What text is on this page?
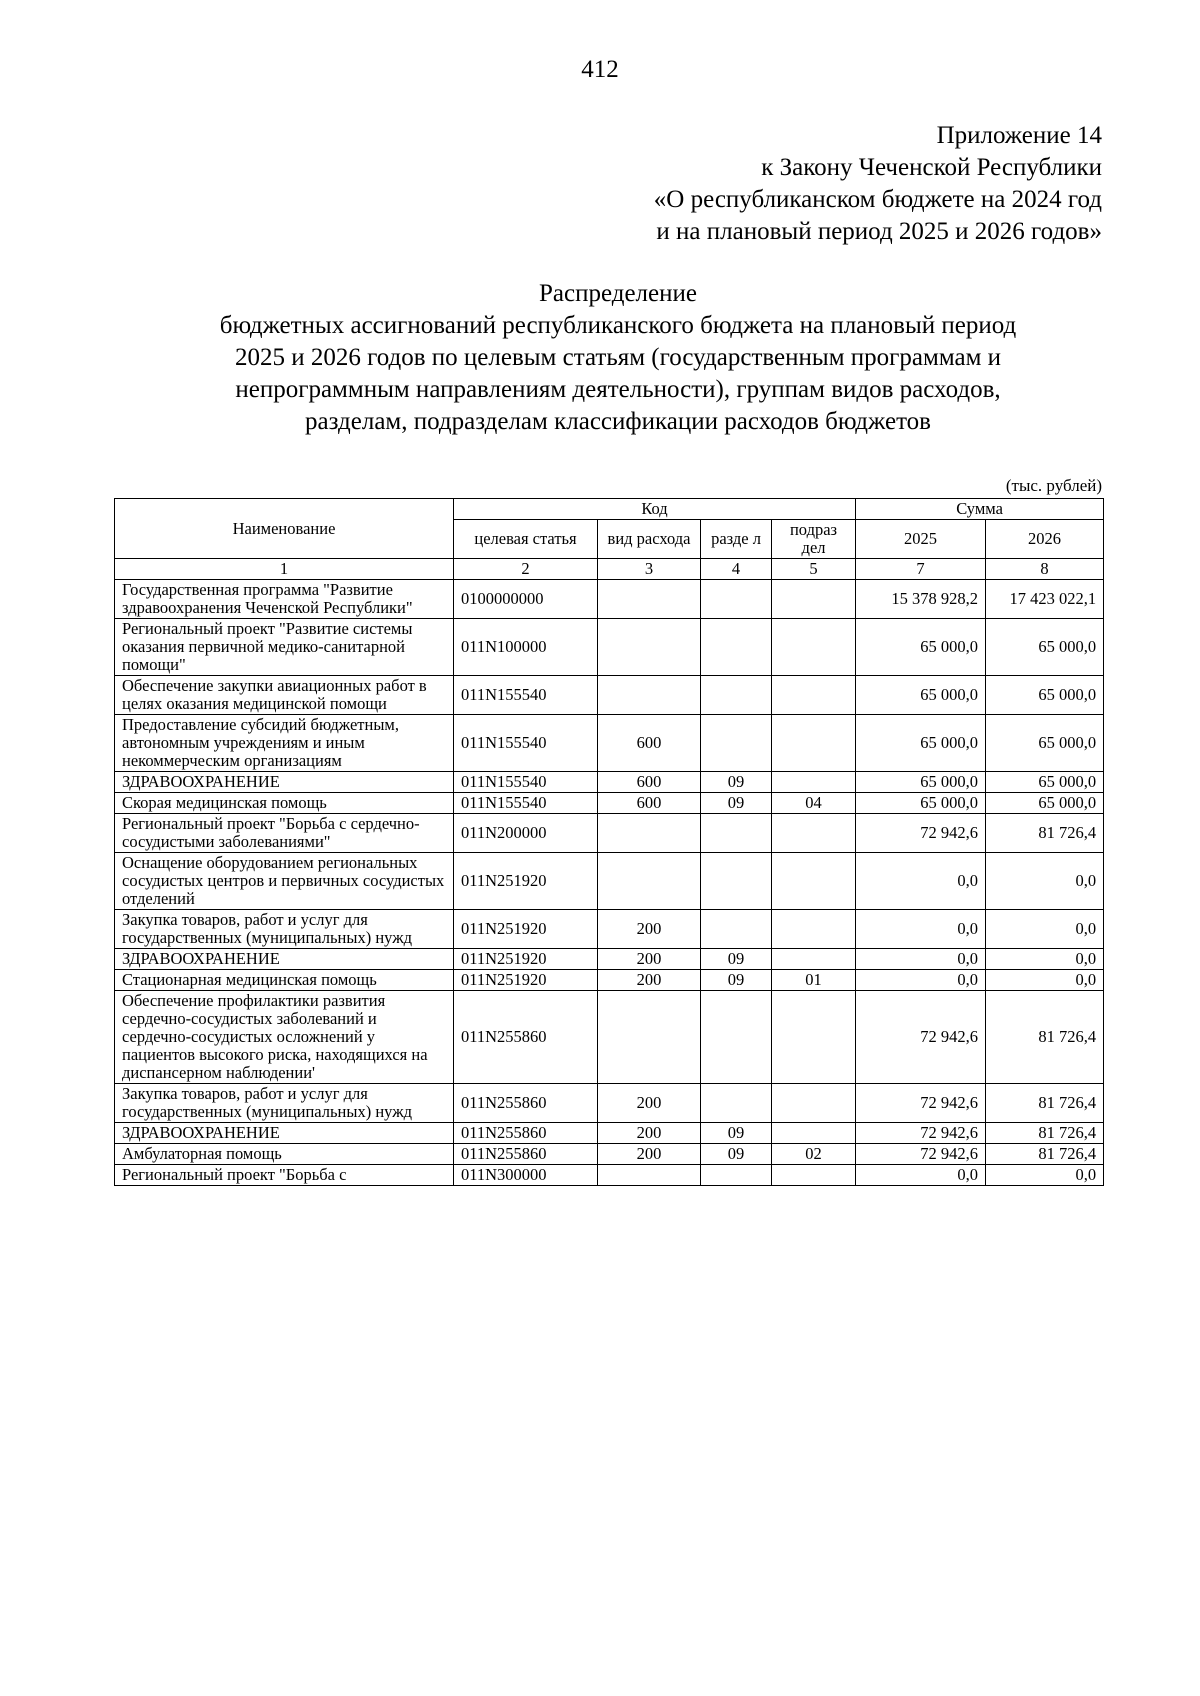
412
Приложение 14
к Закону Чеченской Республики
«О республиканском бюджете на 2024 год
и на плановый период 2025 и 2026 годов»
Распределение
бюджетных ассигнований республиканского бюджета на плановый период
2025 и 2026 годов по целевым статьям (государственным программам и
непрограммным направлениям деятельности), группам видов расходов,
разделам, подразделам классификации расходов бюджетов
(тыс. рублей)
Наименование	Код				Сумма	
	целевая статья	вид расхода	разде л	подраз дел	2025	2026
1	2	3	4	5	7	8
Государственная программа "Развитие здравоохранения Чеченской Республики"	0100000000				15 378 928,2	17 423 022,1
Региональный проект "Развитие системы оказания первичной медико-санитарной помощи"	011N100000				65 000,0	65 000,0
Обеспечение закупки авиационных работ в целях оказания медицинской помощи	011N155540				65 000,0	65 000,0
Предоставление субсидий бюджетным, автономным учреждениям и иным некоммерческим организациям	011N155540	600			65 000,0	65 000,0
ЗДРАВООХРАНЕНИЕ	011N155540	600	09		65 000,0	65 000,0
Скорая медицинская помощь	011N155540	600	09	04	65 000,0	65 000,0
Региональный проект "Борьба с сердечно-сосудистыми заболеваниями"	011N200000				72 942,6	81 726,4
Оснащение оборудованием региональных сосудистых центров и первичных сосудистых отделений	011N251920				0,0	0,0
Закупка товаров, работ и услуг для государственных (муниципальных) нужд	011N251920	200			0,0	0,0
ЗДРАВООХРАНЕНИЕ	011N251920	200	09		0,0	0,0
Стационарная медицинская помощь	011N251920	200	09	01	0,0	0,0
Обеспечение профилактики развития сердечно-сосудистых заболеваний и сердечно-сосудистых осложнений у пациентов высокого риска, находящихся на диспансерном наблюдении'	011N255860				72 942,6	81 726,4
Закупка товаров, работ и услуг для государственных (муниципальных) нужд	011N255860	200			72 942,6	81 726,4
ЗДРАВООХРАНЕНИЕ	011N255860	200	09		72 942,6	81 726,4
Амбулаторная помощь	011N255860	200	09	02	72 942,6	81 726,4
Региональный проект "Борьба с	011N300000				0,0	0,0
